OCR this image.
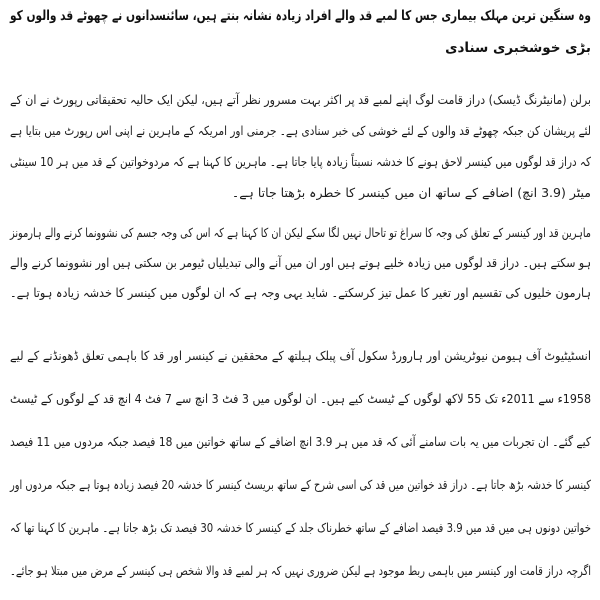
وہ سنگین ترین مہلک بیماری جس کا لمبے قد والے افراد زیادہ نشانہ بنتے ہیں، سائنسدانوں نے چھوٹے قد والوں کو
بڑی خوشخبری سنادی

برلن (مانیٹرنگ ڈیسک) دراز قامت لوگ اپنے لمبے قد پر اکثر بہت مسرور نظر آتے ہیں، لیکن ایک حالیہ تحقیقاتی رپورٹ نے ان کے
لئے پریشان کن جبکہ چھوٹے قد والوں کے لئے خوشی کی خبر سنادی ہے۔ جرمنی اور امریکہ کے ماہرین نے اپنی اس رپورٹ میں بتایا ہے
کہ دراز قد لوگوں میں کینسر لاحق ہونے کا خدشہ نسبتاً زیادہ پایا جاتا ہے۔ ماہرین کا کہنا ہے کہ مردوخواتین کے قد میں ہر 10 سینٹی
میٹر (3.9 انچ) اضافے کے ساتھ ان میں کینسر کا خطرہ بڑھتا جاتا ہے۔

ماہرین قد اور کینسر کے تعلق کی وجہ کا سراغ تو تاحال نہیں لگا سکے لیکن ان کا کہنا ہے کہ اس کی وجہ جسم کی نشوونما کرنے والے ہارمونز
ہو سکتے ہیں۔ دراز قد لوگوں میں زیادہ خلیے ہوتے ہیں اور ان میں آنے والی تبدیلیاں ٹیومر بن سکتی ہیں اور نشوونما کرنے والے
ہارمون خلیوں کی تقسیم اور تغیر کا عمل تیز کرسکتے۔ شاید یہی وجہ ہے کہ ان لوگوں میں کینسر کا خدشہ زیادہ ہوتا ہے۔

انسٹیٹیوٹ آف ہیومن نیوٹریشن اور ہارورڈ سکول آف پبلک ہیلتھ کے محققین نے کینسر اور قد کا باہمی تعلق ڈھونڈنے کے لیے
1958ء سے 2011ء تک 55 لاکھ لوگوں کے ٹیسٹ کیے ہیں۔ ان لوگوں میں 3 فٹ 3 انچ سے 7 فٹ 4 انچ قد کے لوگوں کے ٹیسٹ
کیے گئے۔ ان تجربات میں یہ بات سامنے آئی کہ قد میں ہر 3.9 انچ اضافے کے ساتھ خواتین میں 18 فیصد جبکہ مردوں میں 11 فیصد
کینسر کا خدشہ بڑھ جاتا ہے۔ دراز قد خواتین میں قد کی اسی شرح کے ساتھ بریسٹ کینسر کا خدشہ 20 فیصد زیادہ ہوتا ہے جبکہ مردوں اور
خواتین دونوں ہی میں قد میں 3.9 فیصد اضافے کے ساتھ خطرناک جلد کے کینسر کا خدشہ 30 فیصد تک بڑھ جاتا ہے۔ ماہرین کا کہنا تھا کہ
اگرچہ دراز قامت اور کینسر میں باہمی ربط موجود ہے لیکن ضروری نہیں کہ ہر لمبے قد والا شخص ہی کینسر کے مرض میں مبتلا ہو جائے۔
